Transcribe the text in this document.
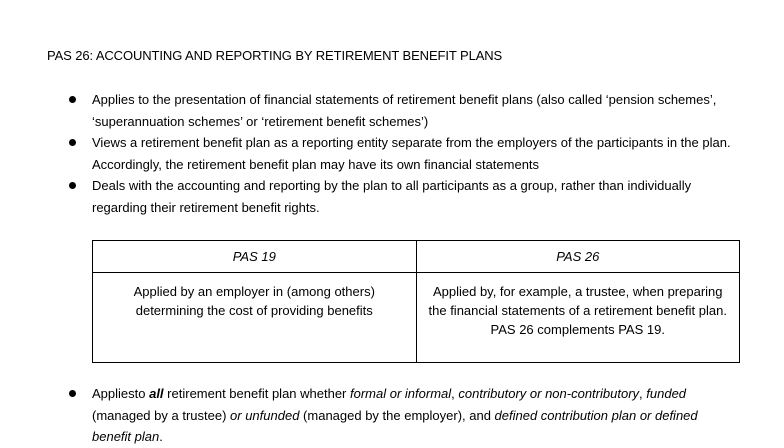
PAS 26: ACCOUNTING AND REPORTING BY RETIREMENT BENEFIT PLANS
Applies to the presentation of financial statements of retirement benefit plans (also called ‘pension schemes’, ‘superannuation schemes’ or ‘retirement benefit schemes’)
Views a retirement benefit plan as a reporting entity separate from the employers of the participants in the plan. Accordingly, the retirement benefit plan may have its own financial statements
Deals with the accounting and reporting by the plan to all participants as a group, rather than individually regarding their retirement benefit rights.
PAS 19	PAS 26
Applied by an employer in (among others) determining the cost of providing benefits	Applied by, for example, a trustee, when preparing the financial statements of a retirement benefit plan. PAS 26 complements PAS 19.
Appliesto all retirement benefit plan whether formal or informal, contributory or non-contributory, funded (managed by a trustee) or unfunded (managed by the employer), and defined contribution plan or defined benefit plan.
